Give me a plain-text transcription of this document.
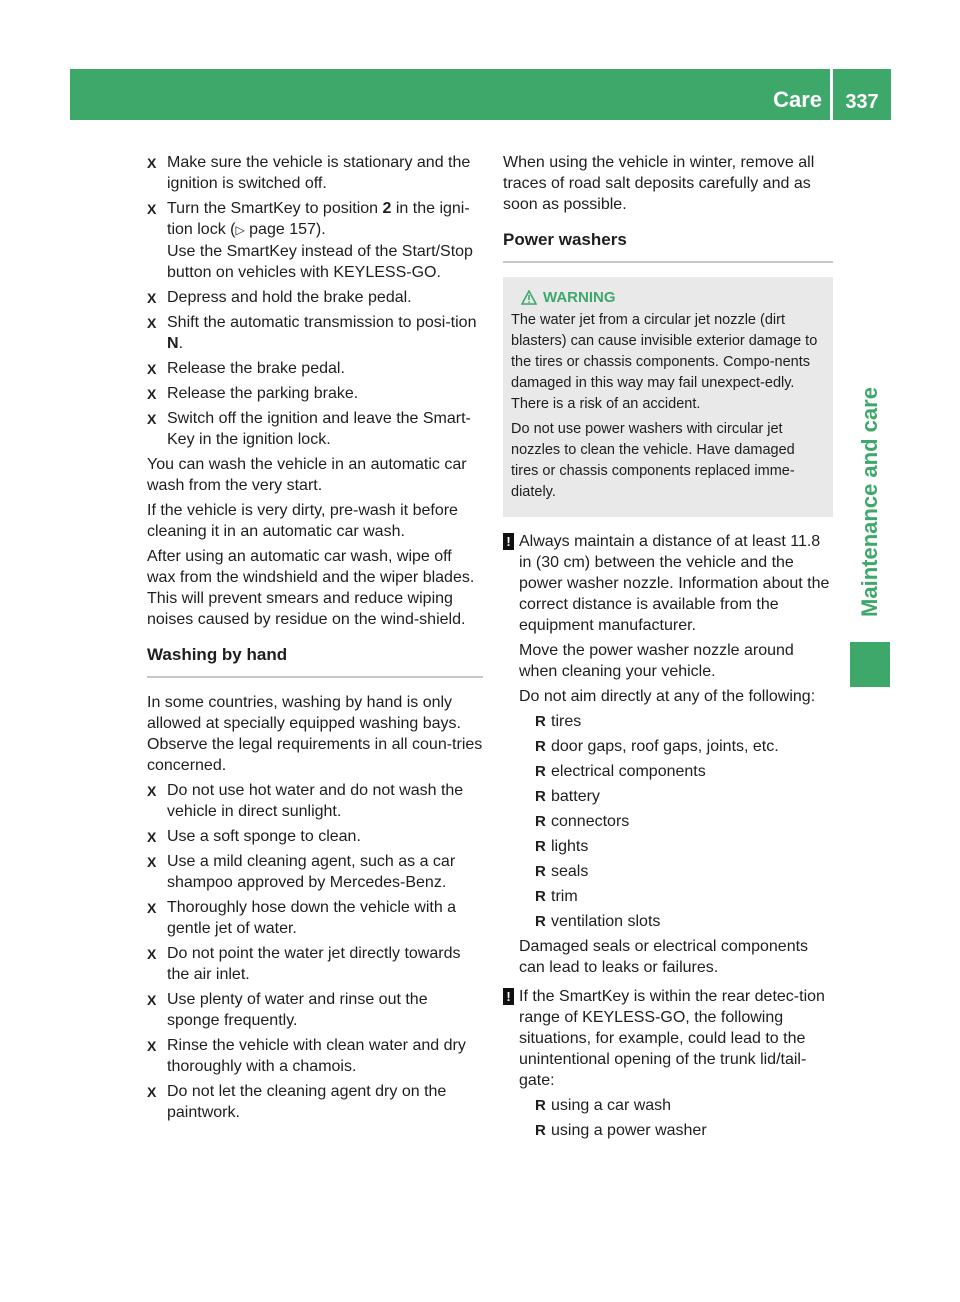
Care	337
Maintenance and care
X Make sure the vehicle is stationary and the ignition is switched off.
X Turn the SmartKey to position 2 in the igni-tion lock (▷ page 157).
Use the SmartKey instead of the Start/Stop button on vehicles with KEYLESS-GO.
X Depress and hold the brake pedal.
X Shift the automatic transmission to posi-tion N.
X Release the brake pedal.
X Release the parking brake.
X Switch off the ignition and leave the Smart-Key in the ignition lock.

You can wash the vehicle in an automatic car wash from the very start.

If the vehicle is very dirty, pre-wash it before cleaning it in an automatic car wash.

After using an automatic car wash, wipe off wax from the windshield and the wiper blades. This will prevent smears and reduce wiping noises caused by residue on the wind-shield.

Washing by hand

In some countries, washing by hand is only allowed at specially equipped washing bays. Observe the legal requirements in all coun-tries concerned.

X Do not use hot water and do not wash the vehicle in direct sunlight.
X Use a soft sponge to clean.
X Use a mild cleaning agent, such as a car shampoo approved by Mercedes-Benz.
X Thoroughly hose down the vehicle with a gentle jet of water.
X Do not point the water jet directly towards the air inlet.
X Use plenty of water and rinse out the sponge frequently.
X Rinse the vehicle with clean water and dry thoroughly with a chamois.
X Do not let the cleaning agent dry on the paintwork.

When using the vehicle in winter, remove all traces of road salt deposits carefully and as soon as possible.

Power washers
WARNING

The water jet from a circular jet nozzle (dirt blasters) can cause invisible exterior damage to the tires or chassis components. Compo-nents damaged in this way may fail unexpect-edly. There is a risk of an accident.

Do not use power washers with circular jet nozzles to clean the vehicle. Have damaged tires or chassis components replaced imme-diately.

! Always maintain a distance of at least 11.8 in (30 cm) between the vehicle and the power washer nozzle. Information about the correct distance is available from the equipment manufacturer.

Move the power washer nozzle around when cleaning your vehicle.

Do not aim directly at any of the following:

R tires
R door gaps, roof gaps, joints, etc.
R electrical components
R battery
R connectors
R lights
R seals
R trim
R ventilation slots

Damaged seals or electrical components can lead to leaks or failures.

! If the SmartKey is within the rear detec-tion range of KEYLESS-GO, the following situations, for example, could lead to the unintentional opening of the trunk lid/tail-gate:

R using a car wash
R using a power washer
